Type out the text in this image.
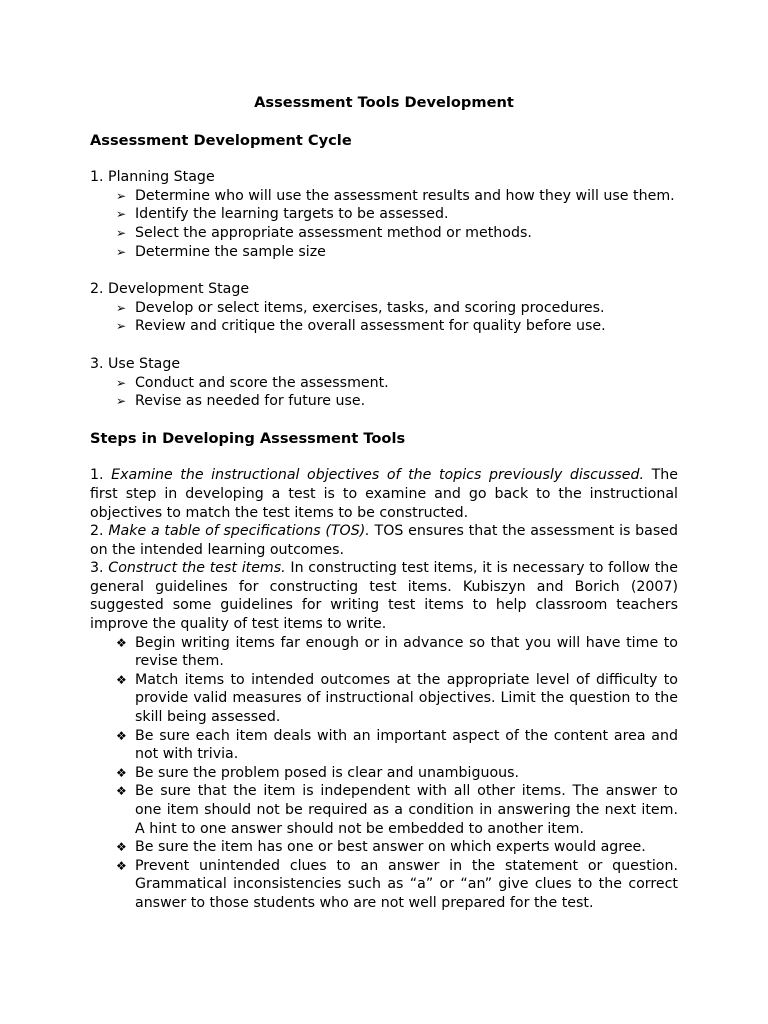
Assessment Tools Development
Assessment Development Cycle

1. Planning Stage

➢ Determine who will use the assessment results and how they will use them.
➢ Identify the learning targets to be assessed.
➢ Select the appropriate assessment method or methods.
➢ Determine the sample size

2. Development Stage

➢ Develop or select items, exercises, tasks, and scoring procedures.
➢ Review and critique the overall assessment for quality before use.

3. Use Stage

➢ Conduct and score the assessment.
➢ Revise as needed for future use.
Steps in Developing Assessment Tools

1. Examine the instructional objectives of the topics previously discussed. The first step in developing a test is to examine and go back to the instructional objectives to match the test items to be constructed.

2. Make a table of specifications (TOS). TOS ensures that the assessment is based on the intended learning outcomes.

3. Construct the test items. In constructing test items, it is necessary to follow the general guidelines for constructing test items. Kubiszyn and Borich (2007) suggested some guidelines for writing test items to help classroom teachers improve the quality of test items to write.

❖ Begin writing items far enough or in advance so that you will have time to revise them.
❖ Match items to intended outcomes at the appropriate level of difficulty to provide valid measures of instructional objectives. Limit the question to the skill being assessed.
❖ Be sure each item deals with an important aspect of the content area and not with trivia.
❖ Be sure the problem posed is clear and unambiguous.
❖ Be sure that the item is independent with all other items. The answer to one item should not be required as a condition in answering the next item. A hint to one answer should not be embedded to another item.
❖ Be sure the item has one or best answer on which experts would agree.
❖ Prevent unintended clues to an answer in the statement or question. Grammatical inconsistencies such as “a” or “an” give clues to the correct answer to those students who are not well prepared for the test.
